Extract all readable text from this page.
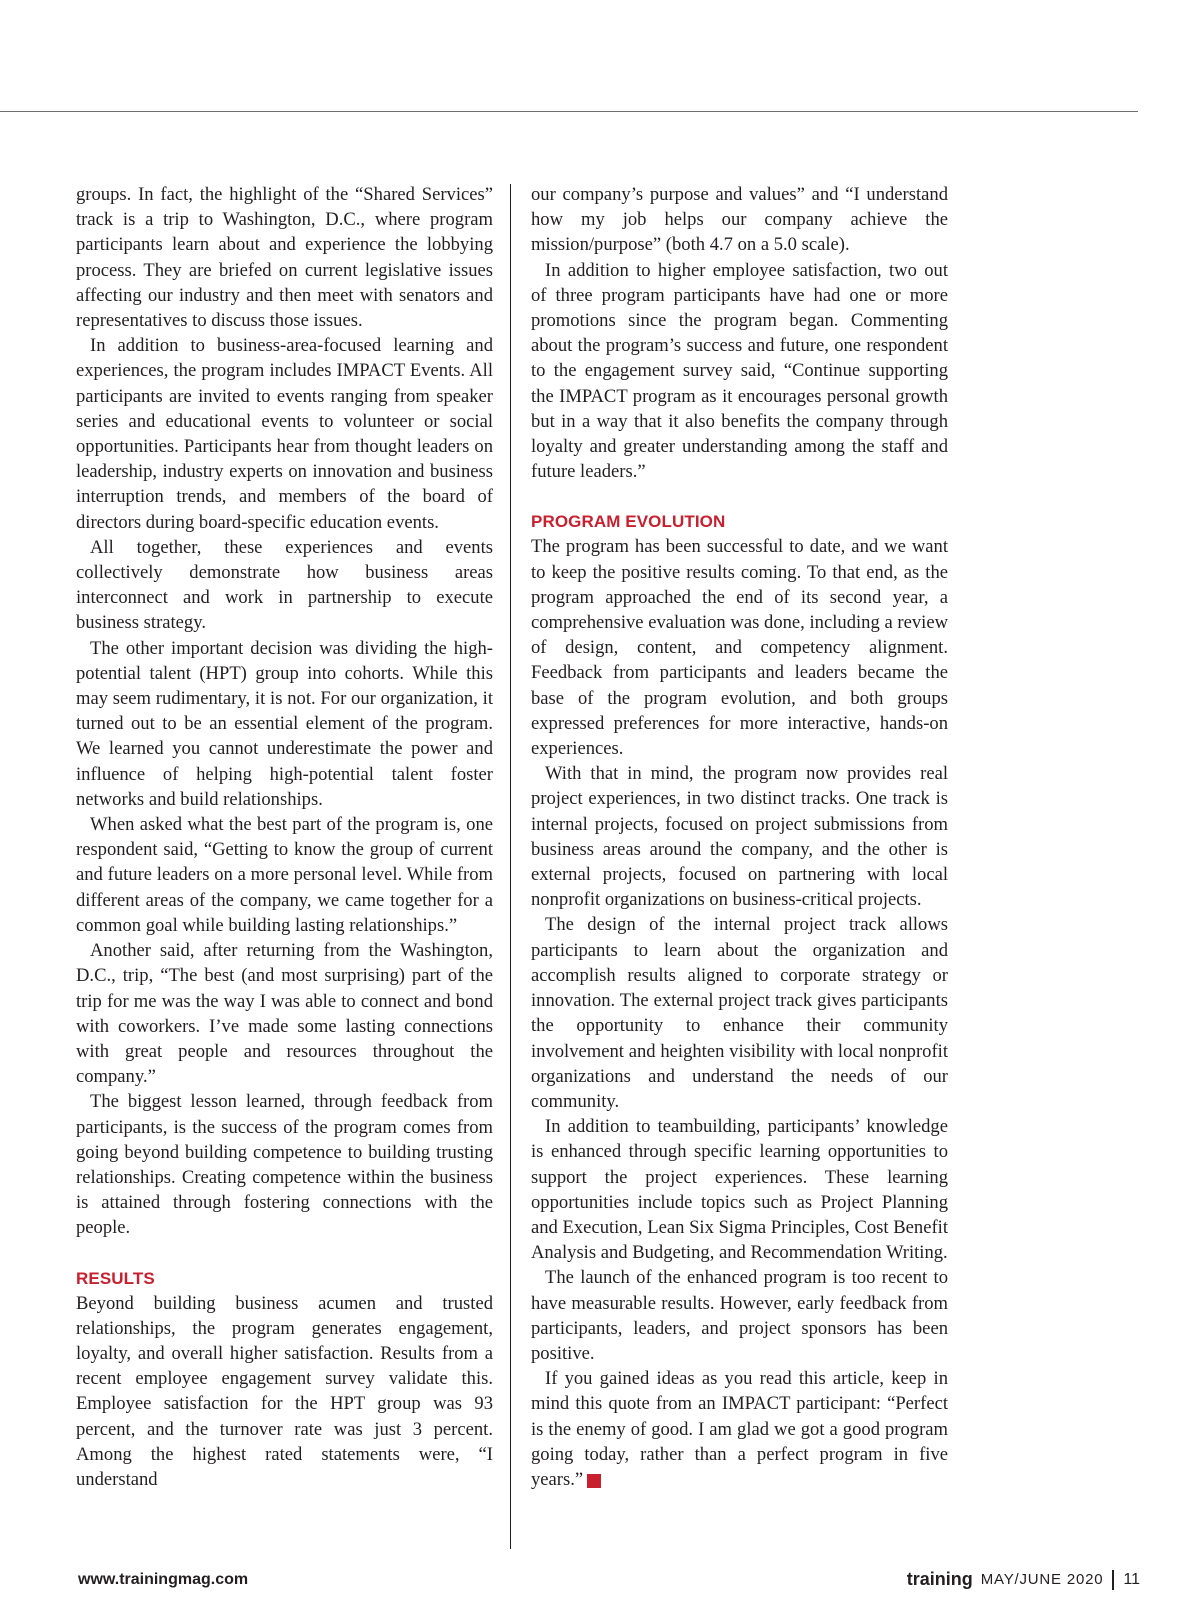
groups. In fact, the highlight of the “Shared Services” track is a trip to Washington, D.C., where program participants learn about and experience the lobbying process. They are briefed on current legislative issues affecting our industry and then meet with senators and representatives to discuss those issues.

In addition to business-area-focused learning and experiences, the program includes IMPACT Events. All participants are invited to events ranging from speaker series and educational events to volunteer or social opportunities. Participants hear from thought leaders on leadership, industry experts on innovation and business interruption trends, and members of the board of directors during board-specific education events.

All together, these experiences and events collectively demonstrate how business areas interconnect and work in partnership to execute business strategy.

The other important decision was dividing the high-potential talent (HPT) group into cohorts. While this may seem rudimentary, it is not. For our organization, it turned out to be an essential element of the program. We learned you cannot underestimate the power and influence of helping high-potential talent foster networks and build relationships.

When asked what the best part of the program is, one respondent said, “Getting to know the group of current and future leaders on a more personal level. While from different areas of the company, we came together for a common goal while building lasting relationships.”

Another said, after returning from the Washington, D.C., trip, “The best (and most surprising) part of the trip for me was the way I was able to connect and bond with coworkers. I’ve made some lasting connections with great people and resources throughout the company.”

The biggest lesson learned, through feedback from participants, is the success of the program comes from going beyond building competence to building trusting relationships. Creating competence within the business is attained through fostering connections with the people.

RESULTS

Beyond building business acumen and trusted relationships, the program generates engagement, loyalty, and overall higher satisfaction. Results from a recent employee engagement survey validate this. Employee satisfaction for the HPT group was 93 percent, and the turnover rate was just 3 percent. Among the highest rated statements were, “I understand

our company’s purpose and values” and “I understand how my job helps our company achieve the mission/purpose” (both 4.7 on a 5.0 scale).

In addition to higher employee satisfaction, two out of three program participants have had one or more promotions since the program began. Commenting about the program’s success and future, one respondent to the engagement survey said, “Continue supporting the IMPACT program as it encourages personal growth but in a way that it also benefits the company through loyalty and greater understanding among the staff and future leaders.”

PROGRAM EVOLUTION

The program has been successful to date, and we want to keep the positive results coming. To that end, as the program approached the end of its second year, a comprehensive evaluation was done, including a review of design, content, and competency alignment. Feedback from participants and leaders became the base of the program evolution, and both groups expressed preferences for more interactive, hands-on experiences.

With that in mind, the program now provides real project experiences, in two distinct tracks. One track is internal projects, focused on project submissions from business areas around the company, and the other is external projects, focused on partnering with local nonprofit organizations on business-critical projects.

The design of the internal project track allows participants to learn about the organization and accomplish results aligned to corporate strategy or innovation. The external project track gives participants the opportunity to enhance their community involvement and heighten visibility with local nonprofit organizations and understand the needs of our community.

In addition to teambuilding, participants’ knowledge is enhanced through specific learning opportunities to support the project experiences. These learning opportunities include topics such as Project Planning and Execution, Lean Six Sigma Principles, Cost Benefit Analysis and Budgeting, and Recommendation Writing.

The launch of the enhanced program is too recent to have measurable results. However, early feedback from participants, leaders, and project sponsors has been positive.

If you gained ideas as you read this article, keep in mind this quote from an IMPACT participant: “Perfect is the enemy of good. I am glad we got a good program going today, rather than a perfect program in five years.” t

www.trainingmag.com	training MAY/JUNE 2020 11
